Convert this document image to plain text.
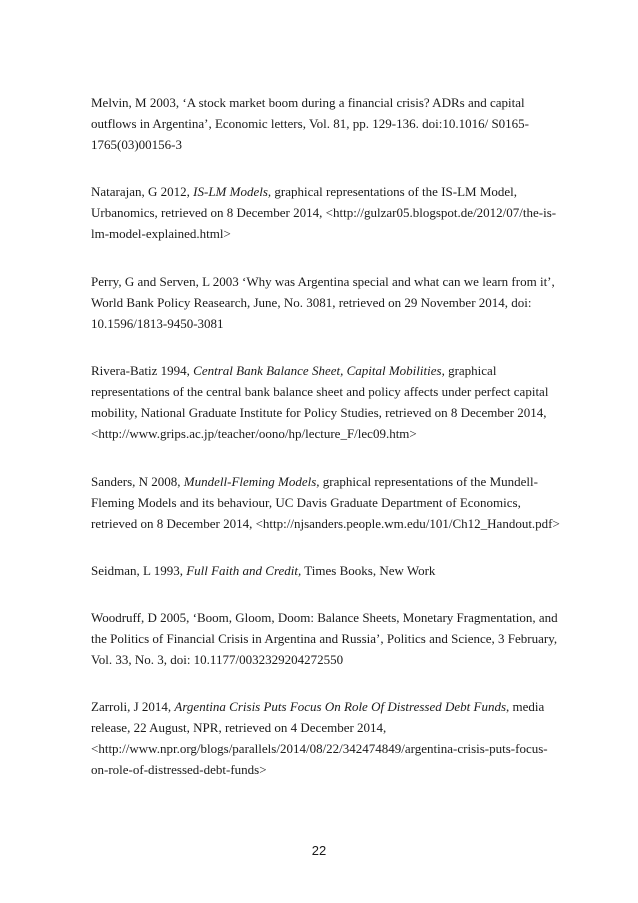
Melvin, M 2003, ‘A stock market boom during a financial crisis? ADRs and capital outflows in Argentina’, Economic letters, Vol. 81, pp. 129-136. doi:10.1016/ S0165-1765(03)00156-3
Natarajan, G 2012, IS-LM Models, graphical representations of the IS-LM Model, Urbanomics, retrieved on 8 December 2014, <http://gulzar05.blogspot.de/2012/07/the-is-lm-model-explained.html>
Perry, G and Serven, L 2003 ‘Why was Argentina special and what can we learn from it’, World Bank Policy Reasearch, June, No. 3081, retrieved on 29 November 2014, doi: 10.1596/1813-9450-3081
Rivera-Batiz 1994, Central Bank Balance Sheet, Capital Mobilities, graphical representations of the central bank balance sheet and policy affects under perfect capital mobility, National Graduate Institute for Policy Studies, retrieved on 8 December 2014, <http://www.grips.ac.jp/teacher/oono/hp/lecture_F/lec09.htm>
Sanders, N 2008, Mundell-Fleming Models, graphical representations of the Mundell-Fleming Models and its behaviour, UC Davis Graduate Department of Economics, retrieved on 8 December 2014, <http://njsanders.people.wm.edu/101/Ch12_Handout.pdf>
Seidman, L 1993, Full Faith and Credit, Times Books, New Work
Woodruff, D 2005, ‘Boom, Gloom, Doom: Balance Sheets, Monetary Fragmentation, and the Politics of Financial Crisis in Argentina and Russia’, Politics and Science, 3 February, Vol. 33, No. 3, doi: 10.1177/0032329204272550
Zarroli, J 2014, Argentina Crisis Puts Focus On Role Of Distressed Debt Funds, media release, 22 August, NPR, retrieved on 4 December 2014, <http://www.npr.org/blogs/parallels/2014/08/22/342474849/argentina-crisis-puts-focus-on-role-of-distressed-debt-funds>
22
